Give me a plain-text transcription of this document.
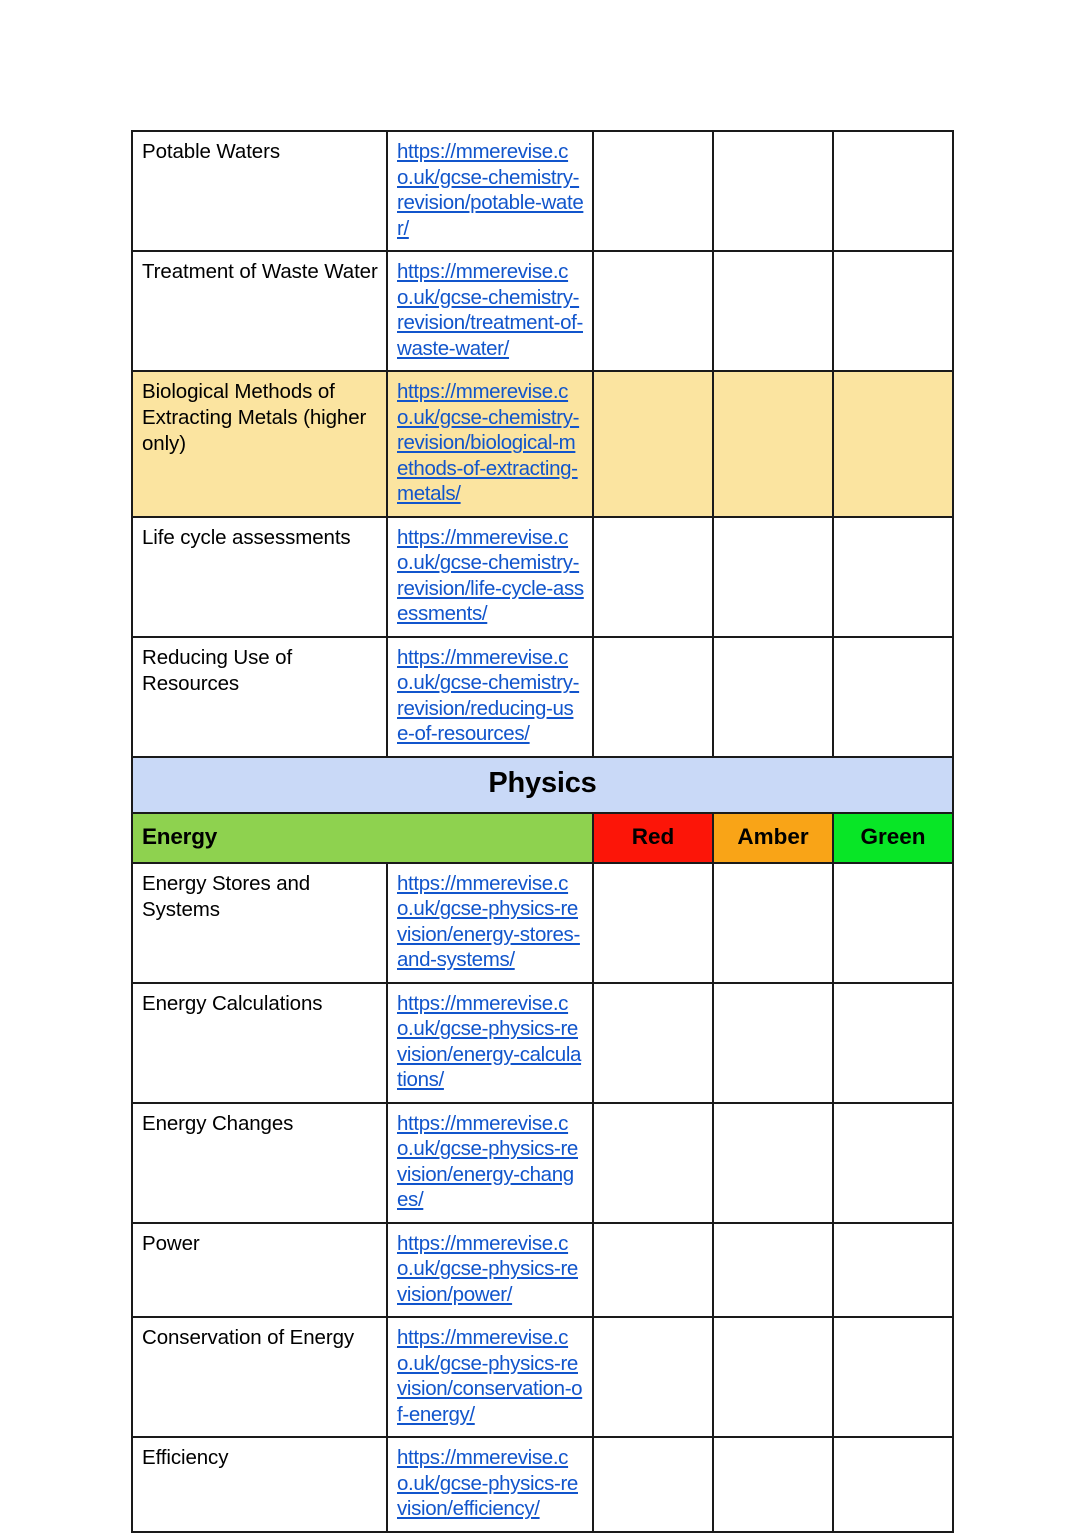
Potable Waters	https://mmerevise.co.uk/gcse-chemistry-revision/potable-water/			
Treatment of Waste Water	https://mmerevise.co.uk/gcse-chemistry-revision/treatment-of-waste-water/			
Biological Methods of Extracting Metals (higher only)	https://mmerevise.co.uk/gcse-chemistry-revision/biological-methods-of-extracting-metals/			
Life cycle assessments	https://mmerevise.co.uk/gcse-chemistry-revision/life-cycle-assessments/			
Reducing Use of Resources	https://mmerevise.co.uk/gcse-chemistry-revision/reducing-use-of-resources/			
Physics				
Energy		Red	Amber	Green
Energy Stores and Systems	https://mmerevise.co.uk/gcse-physics-revision/energy-stores-and-systems/			
Energy Calculations	https://mmerevise.co.uk/gcse-physics-revision/energy-calculations/			
Energy Changes	https://mmerevise.co.uk/gcse-physics-revision/energy-changes/			
Power	https://mmerevise.co.uk/gcse-physics-revision/power/			
Conservation of Energy	https://mmerevise.co.uk/gcse-physics-revision/conservation-of-energy/			
Efficiency	https://mmerevise.co.uk/gcse-physics-revision/efficiency/			
